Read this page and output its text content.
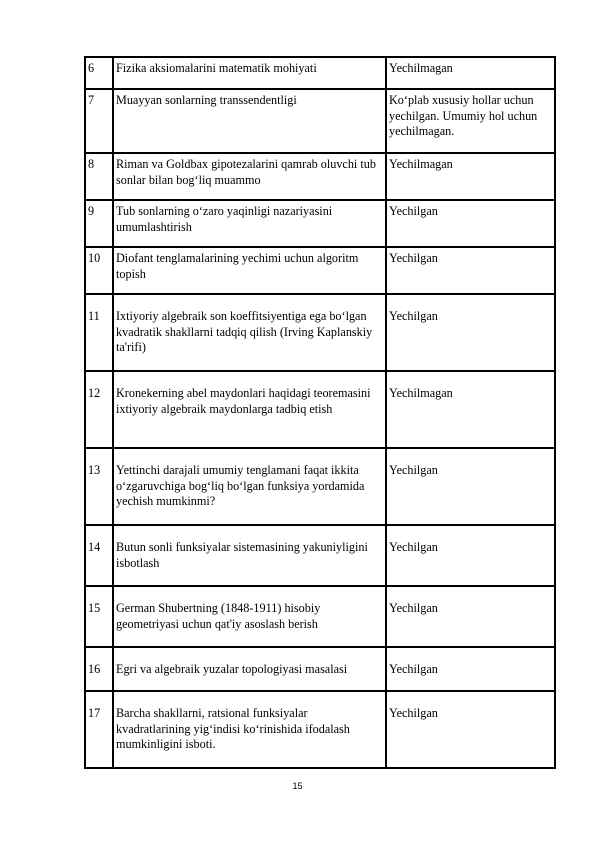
6	Fizika aksiomalarini matematik mohiyati	Yechilmagan
7	Muayyan sonlarning transsendentligi	Ko‘plab xususiy hollar uchun yechilgan. Umumiy hol uchun yechilmagan.
8	Riman va Goldbax gipotezalarini qamrab oluvchi tub sonlar bilan bog‘liq muammo	Yechilmagan
9	Tub sonlarning o‘zaro yaqinligi nazariyasini umumlashtirish	Yechilgan
10	Diofant tenglamalarining yechimi uchun algoritm topish	Yechilgan
11	Ixtiyoriy algebraik son koeffitsiyentiga ega bo‘lgan kvadratik shakllarni tadqiq qilish (Irving Kaplanskiy ta'rifi)	Yechilgan
12	Kronekerning abel maydonlari haqidagi teoremasini ixtiyoriy algebraik maydonlarga tadbiq etish	Yechilmagan
13	Yettinchi darajali umumiy tenglamani faqat ikkita o‘zgaruvchiga bog‘liq bo‘lgan funksiya yordamida yechish mumkinmi?	Yechilgan
14	Butun sonli funksiyalar sistemasining yakuniyligini isbotlash	Yechilgan
15	German Shubertning (1848-1911) hisobiy geometriyasi uchun qat'iy asoslash berish	Yechilgan
16	Egri va algebraik yuzalar topologiyasi masalasi	Yechilgan
17	Barcha shakllarni, ratsional funksiyalar kvadratlarining yig‘indisi ko‘rinishida ifodalash mumkinligini isboti.	Yechilgan
15
